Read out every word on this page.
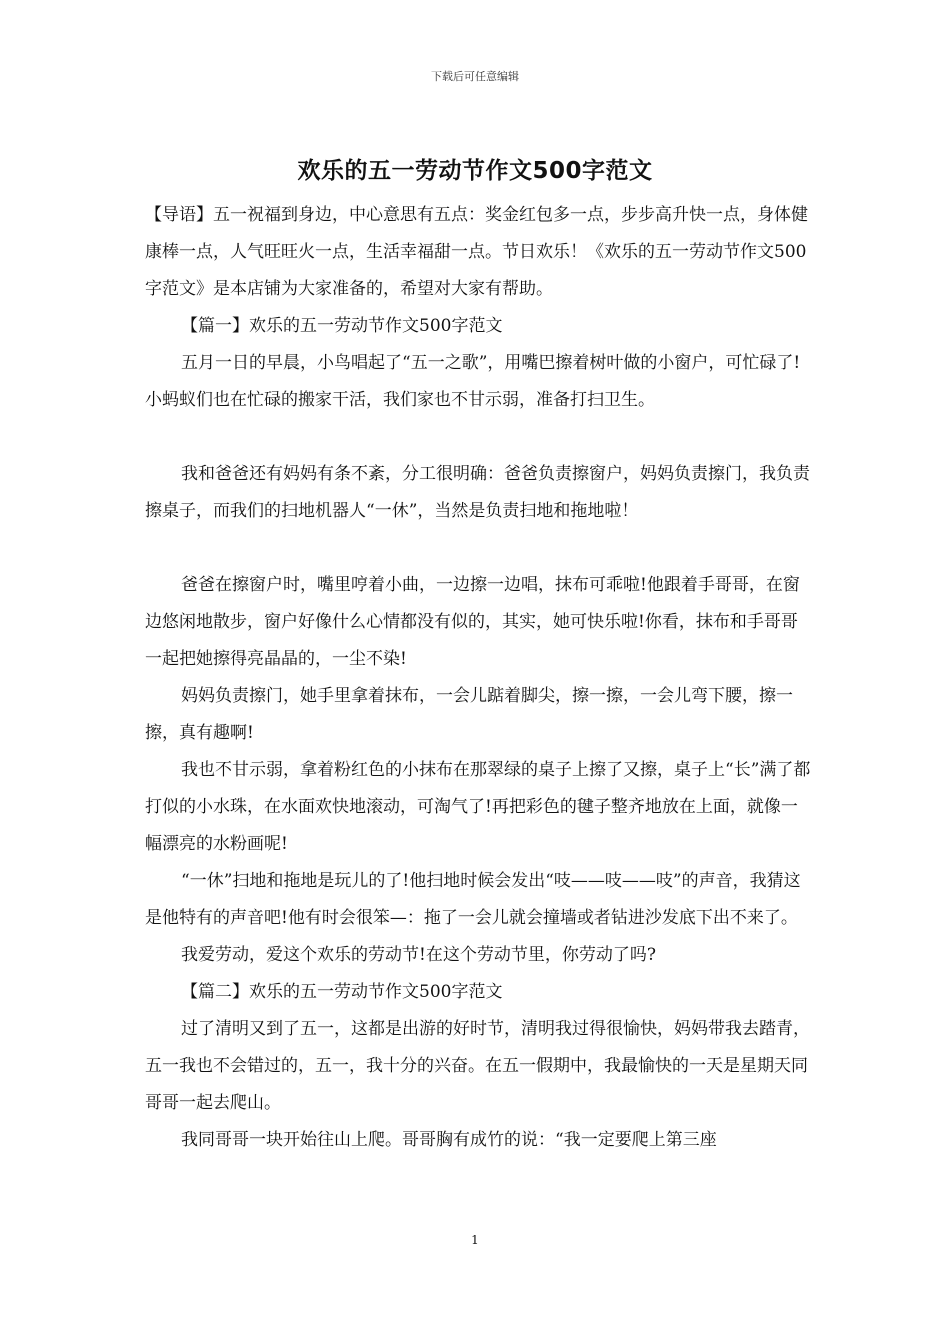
下载后可任意编辑
欢乐的五一劳动节作文500字范文

【导语】五一祝福到身边，中心意思有五点：奖金红包多一点，步步高升快一点，身体健康棒一点，人气旺旺火一点，生活幸福甜一点。节日欢乐！《欢乐的五一劳动节作文500字范文》是本店铺为大家准备的，希望对大家有帮助。

【篇一】欢乐的五一劳动节作文500字范文

五月一日的早晨，小鸟唱起了“五一之歌”，用嘴巴擦着树叶做的小窗户，可忙碌了!小蚂蚁们也在忙碌的搬家干活，我们家也不甘示弱，准备打扫卫生。

我和爸爸还有妈妈有条不紊，分工很明确：爸爸负责擦窗户，妈妈负责擦门，我负责擦桌子，而我们的扫地机器人“一休”，当然是负责扫地和拖地啦！

爸爸在擦窗户时，嘴里哼着小曲，一边擦一边唱，抹布可乖啦!他跟着手哥哥，在窗边悠闲地散步，窗户好像什么心情都没有似的，其实，她可快乐啦!你看，抹布和手哥哥一起把她擦得亮晶晶的，一尘不染!

妈妈负责擦门，她手里拿着抹布，一会儿踮着脚尖，擦一擦，一会儿弯下腰，擦一擦，真有趣啊!

我也不甘示弱，拿着粉红色的小抹布在那翠绿的桌子上擦了又擦，桌子上“长”满了都打似的小水珠，在水面欢快地滚动，可淘气了!再把彩色的毽子整齐地放在上面，就像一幅漂亮的水粉画呢!

“一休”扫地和拖地是玩儿的了!他扫地时候会发出“吱——吱——吱”的声音，我猜这是他特有的声音吧!他有时会很笨—：拖了一会儿就会撞墙或者钻进沙发底下出不来了。

我爱劳动，爱这个欢乐的劳动节!在这个劳动节里，你劳动了吗?

【篇二】欢乐的五一劳动节作文500字范文

过了清明又到了五一，这都是出游的好时节，清明我过得很愉快，妈妈带我去踏青，五一我也不会错过的，五一，我十分的兴奋。在五一假期中，我最愉快的一天是星期天同哥哥一起去爬山。

我同哥哥一块开始往山上爬。哥哥胸有成竹的说：“我一定要爬上第三座

1
